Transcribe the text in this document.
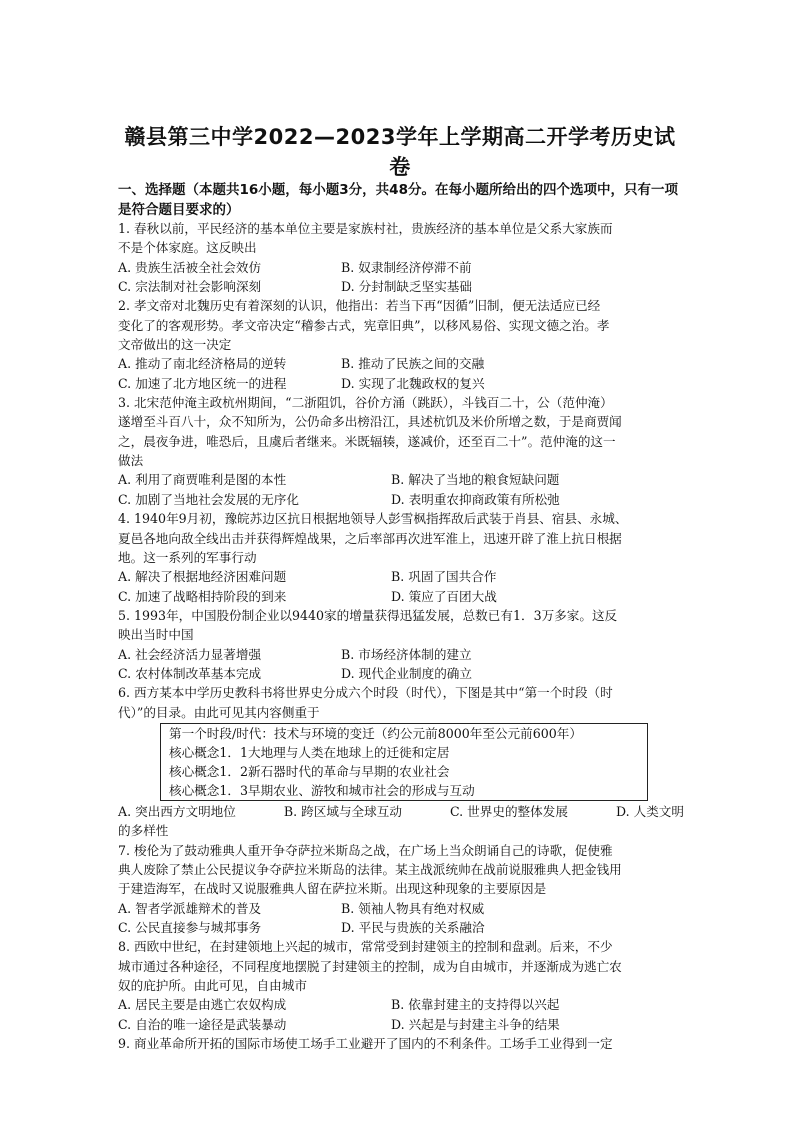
赣县第三中学2022—2023学年上学期高二开学考历史试
卷
一、选择题（本题共16小题，每小题3分，共48分。在每小题所给出的四个选项中，只有一项是符合题目要求的）

1. 春秋以前，平民经济的基本单位主要是家族村社，贵族经济的基本单位是父系大家族而

不是个体家庭。这反映出

A. 贵族生活被全社会效仿	B. 奴隶制经济停滞不前
C. 宗法制对社会影响深刻	D. 分封制缺乏坚实基础

2. 孝文帝对北魏历史有着深刻的认识，他指出：若当下再“因循”旧制，便无法适应已经

变化了的客观形势。孝文帝决定“稽参古式，宪章旧典”，以移风易俗、实现文德之治。孝

文帝做出的这一决定

A. 推动了南北经济格局的逆转	B. 推动了民族之间的交融
C. 加速了北方地区统一的进程	D. 实现了北魏政权的复兴

3. 北宋范仲淹主政杭州期间，“二浙阻饥，谷价方涌（跳跃），斗钱百二十，公（范仲淹）

遂增至斗百八十，众不知所为，公仍命多出榜沿江，具述杭饥及米价所增之数，于是商贾闻

之，晨夜争进，唯恐后，且虞后者继来。米既辐辏，遂减价，还至百二十”。范仲淹的这一

做法

A. 利用了商贾唯利是图的本性	B. 解决了当地的粮食短缺问题
C. 加剧了当地社会发展的无序化	D. 表明重农抑商政策有所松弛

4. 1940年9月初，豫皖苏边区抗日根据地领导人彭雪枫指挥敌后武装于肖县、宿县、永城、

夏邑各地向敌全线出击并获得辉煌战果，之后率部再次进军淮上，迅速开辟了淮上抗日根据

地。这一系列的军事行动

A. 解决了根据地经济困难问题	B. 巩固了国共合作
C. 加速了战略相持阶段的到来	D. 策应了百团大战

5. 1993年，中国股份制企业以9440家的增量获得迅猛发展，总数已有1．3万多家。这反

映出当时中国

A. 社会经济活力显著增强	B. 市场经济体制的建立
C. 农村体制改革基本完成	D. 现代企业制度的确立

6. 西方某本中学历史教科书将世界史分成六个时段（时代），下图是其中“第一个时段（时

代）”的目录。由此可见其内容侧重于

第一个时段/时代：技术与环境的变迁（约公元前8000年至公元前600年）
核心概念1．1大地理与人类在地球上的迁徙和定居
核心概念1．2新石器时代的革命与早期的农业社会
核心概念1．3早期农业、游牧和城市社会的形成与互动
A. 突出西方文明地位	B. 跨区域与全球互动	C. 世界史的整体发展	D. 人类文明

的多样性

7. 梭伦为了鼓动雅典人重开争夺萨拉米斯岛之战，在广场上当众朗诵自己的诗歌，促使雅

典人废除了禁止公民提议争夺萨拉米斯岛的法律。某主战派统帅在战前说服雅典人把金钱用

于建造海军，在战时又说服雅典人留在萨拉米斯。出现这种现象的主要原因是

A. 智者学派雄辩术的普及	B. 领袖人物具有绝对权威
C. 公民直接参与城邦事务	D. 平民与贵族的关系融洽

8. 西欧中世纪，在封建领地上兴起的城市，常常受到封建领主的控制和盘剥。后来，不少

城市通过各种途径，不同程度地摆脱了封建领主的控制，成为自由城市，并逐渐成为逃亡农

奴的庇护所。由此可见，自由城市

A. 居民主要是由逃亡农奴构成	B. 依靠封建主的支持得以兴起
C. 自治的唯一途径是武装暴动	D. 兴起是与封建主斗争的结果

9. 商业革命所开拓的国际市场使工场手工业避开了国内的不利条件。工场手工业得到一定
